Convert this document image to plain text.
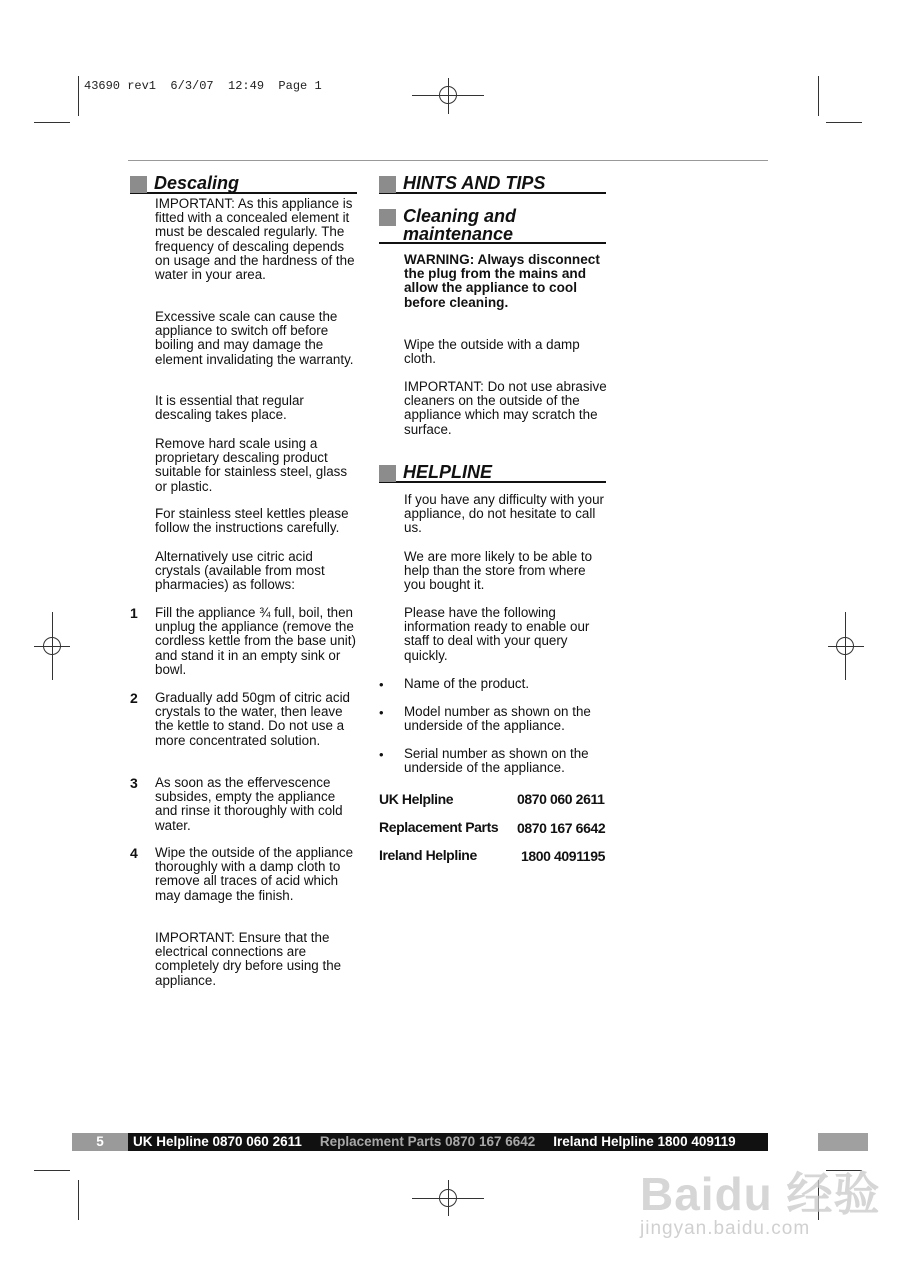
43690 rev1  6/3/07  12:49  Page 1
Descaling
IMPORTANT: As this appliance is fitted with a concealed element it must be descaled regularly. The frequency of descaling depends on usage and the hardness of the water in your area.
Excessive scale can cause the appliance to switch off before boiling and may damage the element invalidating the warranty.
It is essential that regular descaling takes place.
Remove hard scale using a proprietary descaling product suitable for stainless steel, glass or plastic.
For stainless steel kettles please follow the instructions carefully.
Alternatively use citric acid crystals (available from most pharmacies) as follows:
1 Fill the appliance ¾ full, boil, then unplug the appliance (remove the cordless kettle from the base unit) and stand it in an empty sink or bowl.
2 Gradually add 50gm of citric acid crystals to the water, then leave the kettle to stand. Do not use a more concentrated solution.
3 As soon as the effervescence subsides, empty the appliance and rinse it thoroughly with cold water.
4 Wipe the outside of the appliance thoroughly with a damp cloth to remove all traces of acid which may damage the finish.
IMPORTANT: Ensure that the electrical connections are completely dry before using the appliance.
HINTS AND TIPS
Cleaning and maintenance
WARNING: Always disconnect the plug from the mains and allow the appliance to cool before cleaning.
Wipe the outside with a damp cloth.
IMPORTANT: Do not use abrasive cleaners on the outside of the appliance which may scratch the surface.
HELPLINE
If you have any difficulty with your appliance, do not hesitate to call us.
We are more likely to be able to help than the store from where you bought it.
Please have the following information ready to enable our staff to deal with your query quickly.
• Name of the product.
• Model number as shown on the underside of the appliance.
• Serial number as shown on the underside of the appliance.
UK Helpline	0870 060 2611
Replacement Parts 0870 167 6642
Ireland Helpline	1800 4091195
5	UK Helpline 0870 060 2611 Replacement Parts 0870 167 6642 Ireland Helpline 1800 409119
Baidu 经验
jingyan.baidu.com
